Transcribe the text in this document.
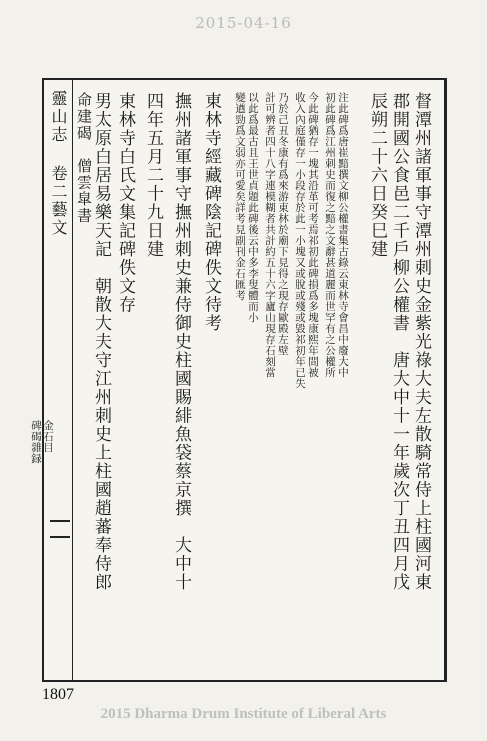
2015-04-16
督潭州諸軍事守潭州刺史金紫光祿大夫左散騎常侍上柱國河東
郡開國公食邑二千戶柳公權書　唐大中十一年歲次丁丑四月戊
辰朔二十六日癸巳建
注此碑爲唐崔黯撰文柳公權書集古錄云東林寺會昌中廢大中
初此碑爲江州刺史而復之黯之文辭甚道麗而世罕有之公權所
今此碑猶存一塊其沿革可考焉祁初此碑損爲多塊康熙年間被
收入內庭僅存一小段存於此一小塊又或脫或殘或毀祁初年已失
乃於己丑冬康有爲來游東林於廟下見得之現存歐殿左壁
計可辨者四十八字連模糊者共計約五十六字廬山現存石刻當
以此爲最古且王世貞題此碑後云中多李叟體而小
變遒勁爲文弱亦可愛矣詳考見副刊金石匯考
東林寺經藏碑陰記碑佚文待考
撫州諸軍事守撫州刺史兼侍御史柱國賜緋魚袋蔡京撰　大中十
四年五月二十九日建
東林寺白氏文集記碑佚文存
男太原白居易樂天記　朝散大夫守江州刺史上柱國趙蕃奉侍郎
命建碣　僧雲皐書
靈山志 卷二藝文
金石目
碑碣雜録
1807
2015 Dharma Drum Institute of Liberal Arts
